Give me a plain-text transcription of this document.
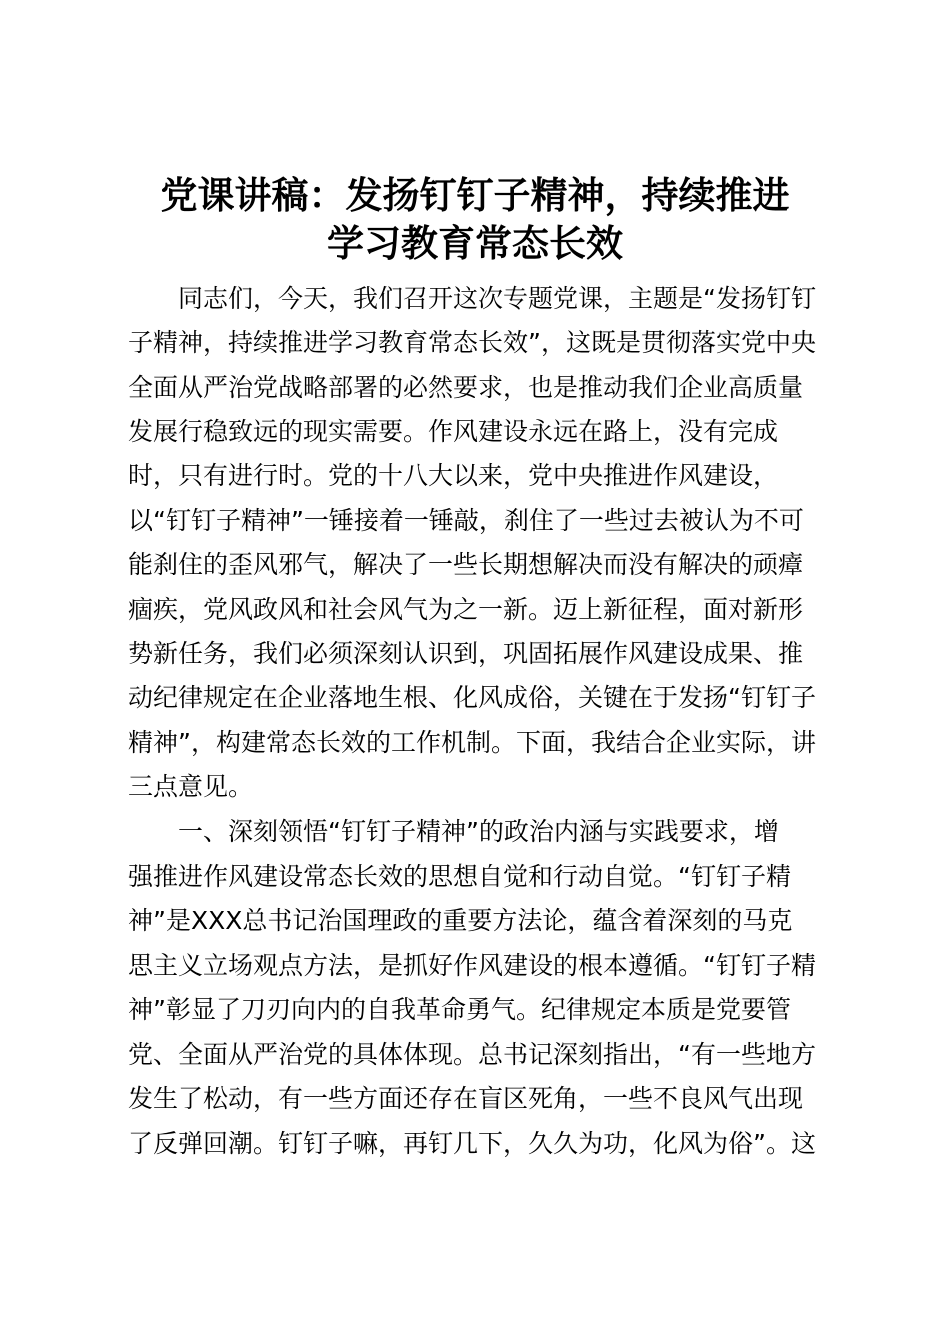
党课讲稿：发扬钉钉子精神，持续推进
学习教育常态长效
　　同志们，今天，我们召开这次专题党课，主题是“发扬钉钉
子精神，持续推进学习教育常态长效”，这既是贯彻落实党中央
全面从严治党战略部署的必然要求，也是推动我们企业高质量
发展行稳致远的现实需要。作风建设永远在路上，没有完成
时，只有进行时。党的十八大以来，党中央推进作风建设，
以“钉钉子精神”一锤接着一锤敲，刹住了一些过去被认为不可
能刹住的歪风邪气，解决了一些长期想解决而没有解决的顽瘴
痼疾，党风政风和社会风气为之一新。迈上新征程，面对新形
势新任务，我们必须深刻认识到，巩固拓展作风建设成果、推
动纪律规定在企业落地生根、化风成俗，关键在于发扬“钉钉子
精神”，构建常态长效的工作机制。下面，我结合企业实际，讲
三点意见。
　　一、深刻领悟“钉钉子精神”的政治内涵与实践要求，增
强推进作风建设常态长效的思想自觉和行动自觉。“钉钉子精
神”是XXX总书记治国理政的重要方法论，蕴含着深刻的马克
思主义立场观点方法，是抓好作风建设的根本遵循。“钉钉子精
神”彰显了刀刃向内的自我革命勇气。纪律规定本质是党要管
党、全面从严治党的具体体现。总书记深刻指出，“有一些地方
发生了松动，有一些方面还存在盲区死角，一些不良风气出现
了反弹回潮。钉钉子嘛，再钉几下，久久为功，化风为俗”。这
